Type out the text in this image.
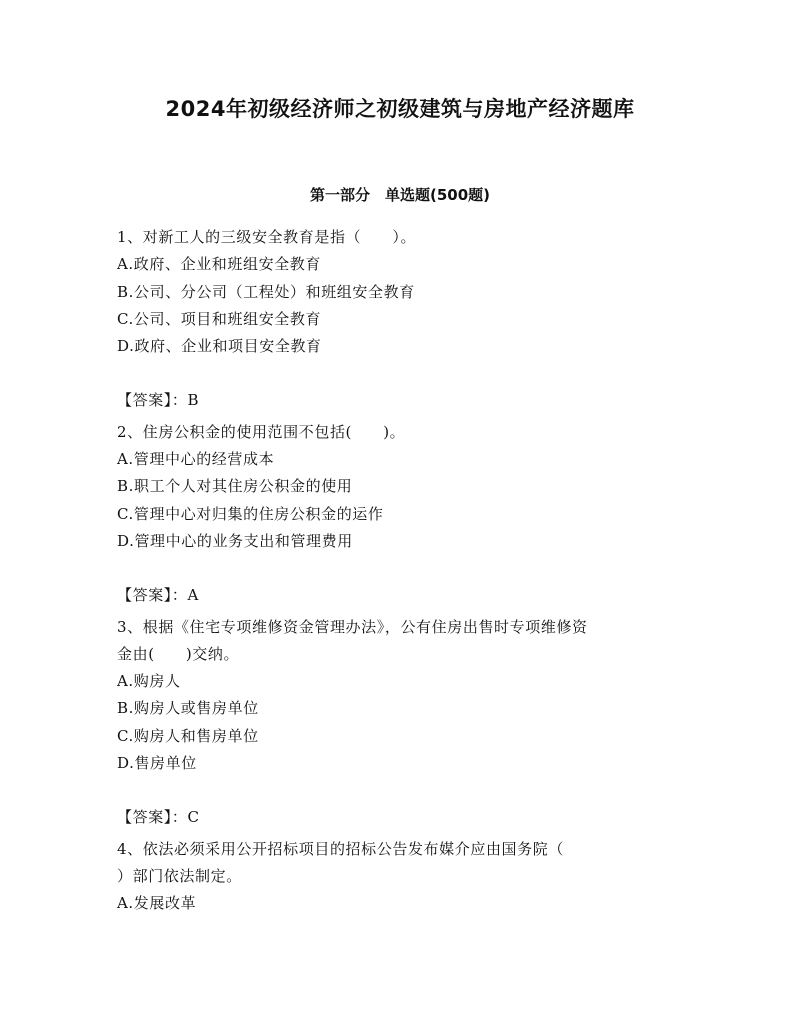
2024年初级经济师之初级建筑与房地产经济题库
第一部分　单选题(500题)

1、对新工人的三级安全教育是指（　　）。

A.政府、企业和班组安全教育

B.公司、分公司（工程处）和班组安全教育

C.公司、项目和班组安全教育

D.政府、企业和项目安全教育

【答案】：B

2、住房公积金的使用范围不包括(　　)。

A.管理中心的经营成本

B.职工个人对其住房公积金的使用

C.管理中心对归集的住房公积金的运作

D.管理中心的业务支出和管理费用

【答案】：A

3、根据《住宅专项维修资金管理办法》，公有住房出售时专项维修资

金由(　　)交纳。

A.购房人

B.购房人或售房单位

C.购房人和售房单位

D.售房单位

【答案】：C

4、依法必须采用公开招标项目的招标公告发布媒介应由国务院（

）部门依法制定。

A.发展改革
